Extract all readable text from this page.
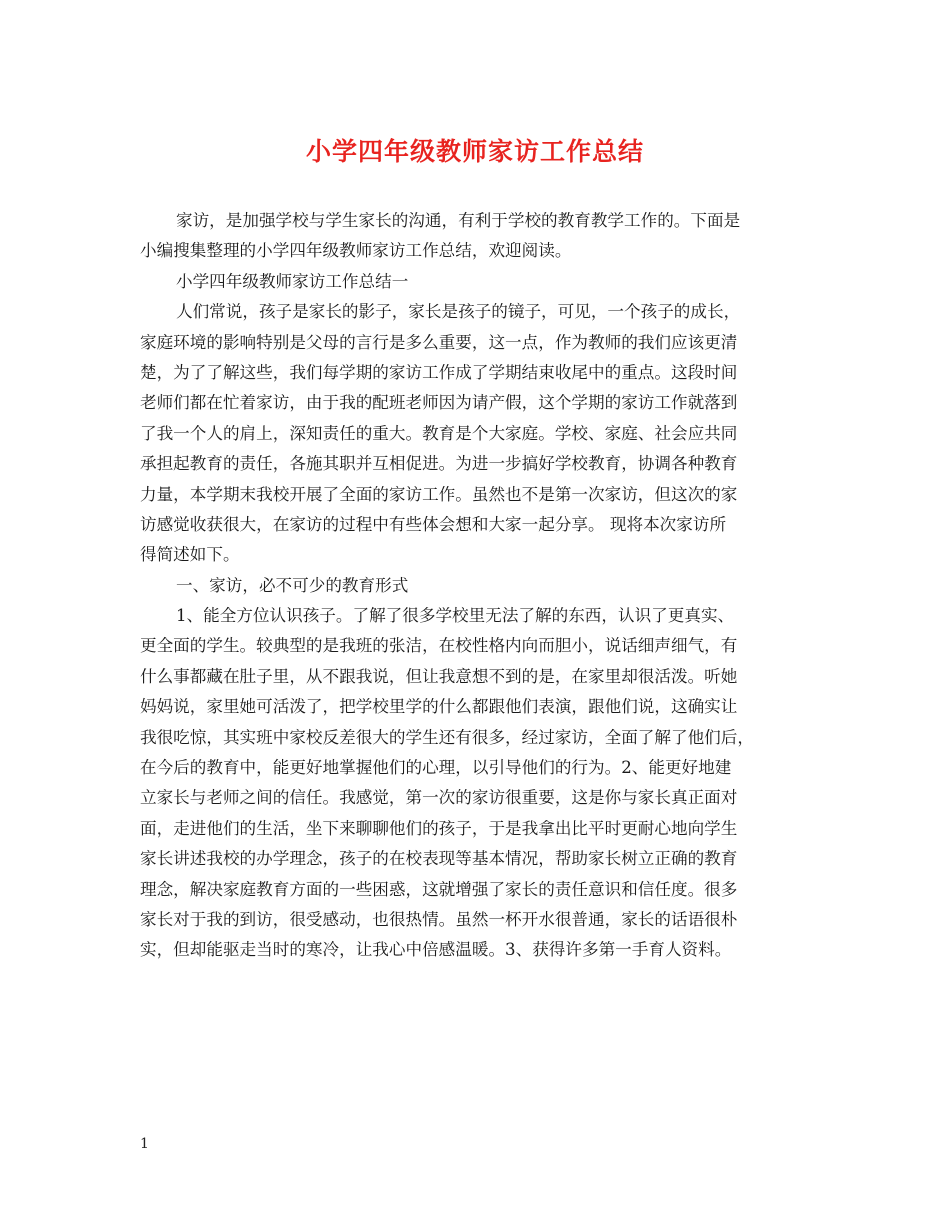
小学四年级教师家访工作总结
家访，是加强学校与学生家长的沟通，有利于学校的教育教学工作的。下面是
小编搜集整理的小学四年级教师家访工作总结，欢迎阅读。
小学四年级教师家访工作总结一
人们常说，孩子是家长的影子，家长是孩子的镜子，可见，一个孩子的成长，
家庭环境的影响特别是父母的言行是多么重要，这一点，作为教师的我们应该更清
楚，为了了解这些，我们每学期的家访工作成了学期结束收尾中的重点。这段时间
老师们都在忙着家访，由于我的配班老师因为请产假，这个学期的家访工作就落到
了我一个人的肩上，深知责任的重大。教育是个大家庭。学校、家庭、社会应共同
承担起教育的责任，各施其职并互相促进。为进一步搞好学校教育，协调各种教育
力量，本学期末我校开展了全面的家访工作。虽然也不是第一次家访，但这次的家
访感觉收获很大，在家访的过程中有些体会想和大家一起分享。 现将本次家访所
得简述如下。
一、家访，必不可少的教育形式
1、能全方位认识孩子。了解了很多学校里无法了解的东西，认识了更真实、
更全面的学生。较典型的是我班的张洁，在校性格内向而胆小，说话细声细气，有
什么事都藏在肚子里，从不跟我说，但让我意想不到的是，在家里却很活泼。听她
妈妈说，家里她可活泼了，把学校里学的什么都跟他们表演，跟他们说，这确实让
我很吃惊，其实班中家校反差很大的学生还有很多，经过家访，全面了解了他们后，
在今后的教育中，能更好地掌握他们的心理，以引导他们的行为。2、能更好地建
立家长与老师之间的信任。我感觉，第一次的家访很重要，这是你与家长真正面对
面，走进他们的生活，坐下来聊聊他们的孩子，于是我拿出比平时更耐心地向学生
家长讲述我校的办学理念，孩子的在校表现等基本情况，帮助家长树立正确的教育
理念，解决家庭教育方面的一些困惑，这就增强了家长的责任意识和信任度。很多
家长对于我的到访，很受感动，也很热情。虽然一杯开水很普通，家长的话语很朴
实，但却能驱走当时的寒冷，让我心中倍感温暖。3、获得许多第一手育人资料。
1
